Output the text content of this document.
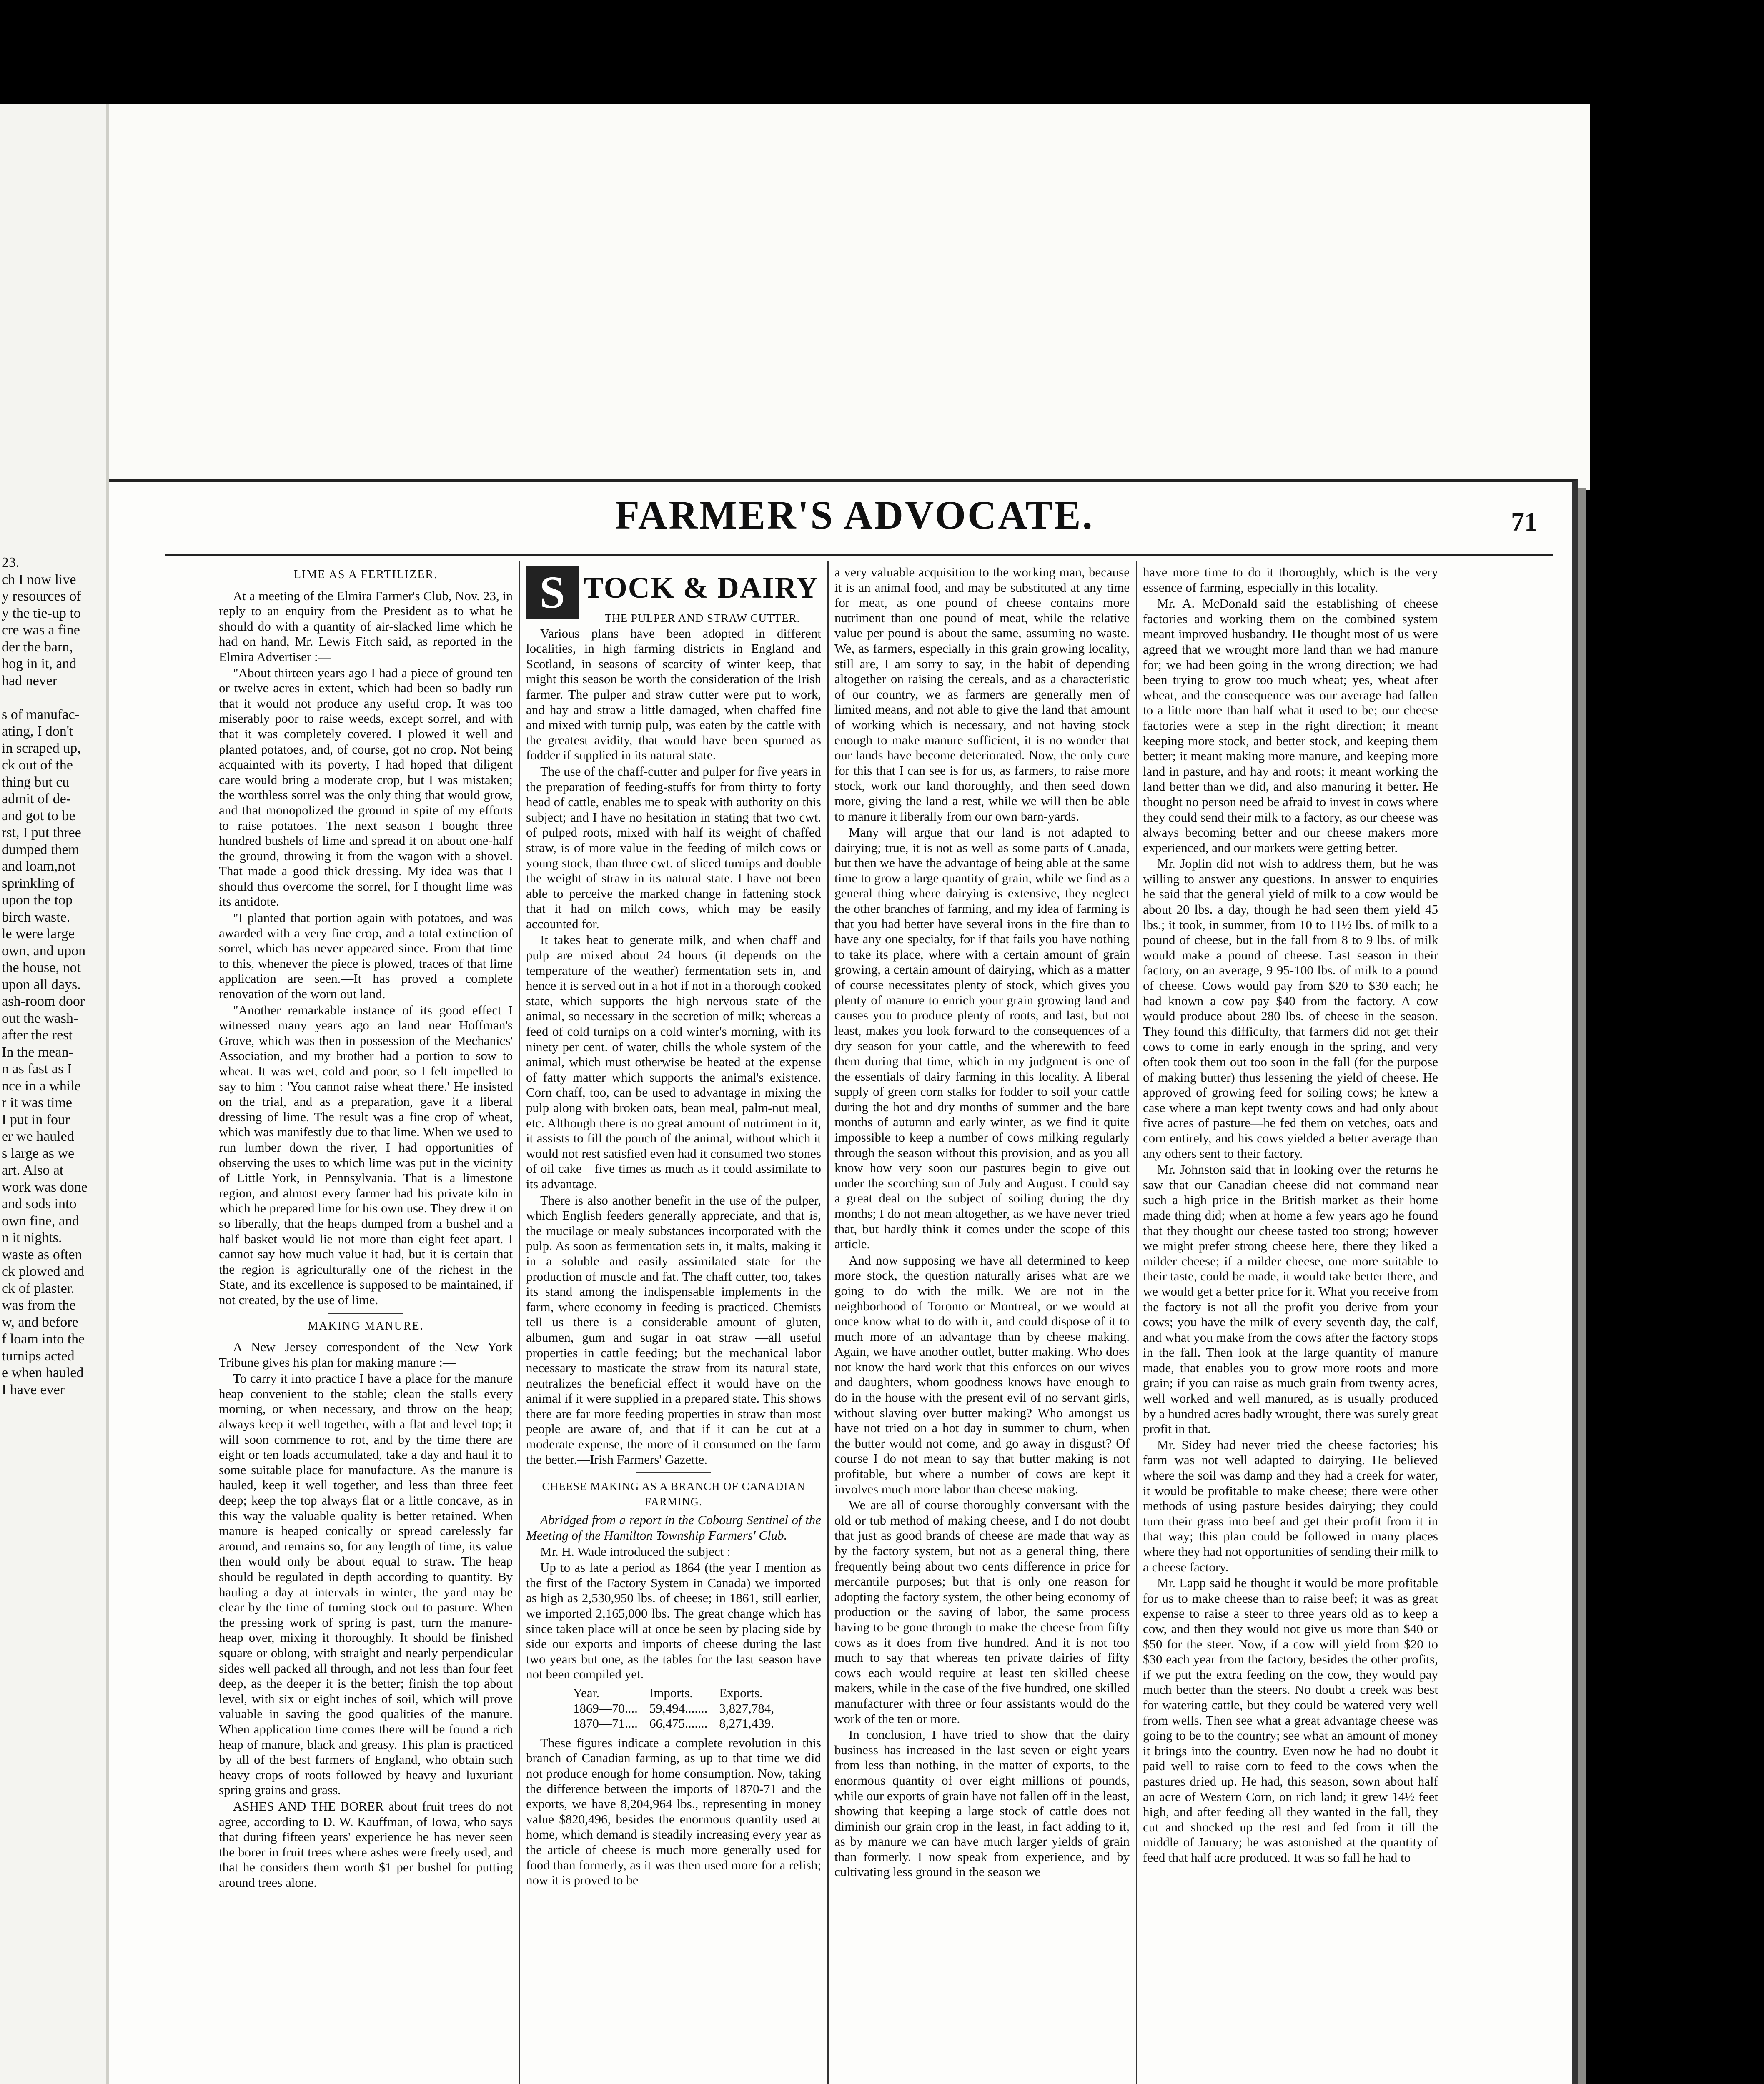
23.
ch I now live
y resources of
y the tie-up to
cre was a fine
der the barn,
hog in it, and
had never

s of manufac-
ating, I don't
in scraped up,
ck out of the
thing but cu
admit of de-
and got to be
rst, I put three
dumped them
and loam,not
sprinkling of
upon the top
birch waste.
le were large
own, and upon
the house, not
upon all days.
ash-room door
out the wash-
after the rest
In the mean-
n as fast as I
nce in a while
r it was time
I put in four
er we hauled
s large as we
art. Also at
work was done
and sods into
own fine, and
n it nights.
waste as often
ck plowed and
ck of plaster.
was from the
w, and before
f loam into the
turnips acted
e when hauled
I have ever
FARMER'S ADVOCATE.	71
LIME AS A FERTILIZER.

At a meeting of the Elmira Farmer's Club, Nov. 23, in reply to an enquiry from the President as to what he should do with a quantity of air-slacked lime which he had on hand, Mr. Lewis Fitch said, as reported in the Elmira Advertiser :—

"About thirteen years ago I had a piece of ground ten or twelve acres in extent, which had been so badly run that it would not produce any useful crop. It was too miserably poor to raise weeds, except sorrel, and with that it was completely covered. I plowed it well and planted potatoes, and, of course, got no crop. Not being acquainted with its poverty, I had hoped that diligent care would bring a moderate crop, but I was mistaken; the worthless sorrel was the only thing that would grow, and that monopolized the ground in spite of my efforts to raise potatoes. The next season I bought three hundred bushels of lime and spread it on about one-half the ground, throwing it from the wagon with a shovel. That made a good thick dressing. My idea was that I should thus overcome the sorrel, for I thought lime was its antidote.

"I planted that portion again with potatoes, and was awarded with a very fine crop, and a total extinction of sorrel, which has never appeared since. From that time to this, whenever the piece is plowed, traces of that lime application are seen.—It has proved a complete renovation of the worn out land.

"Another remarkable instance of its good effect I witnessed many years ago an land near Hoffman's Grove, which was then in possession of the Mechanics' Association, and my brother had a portion to sow to wheat. It was wet, cold and poor, so I felt impelled to say to him : 'You cannot raise wheat there.' He insisted on the trial, and as a preparation, gave it a liberal dressing of lime. The result was a fine crop of wheat, which was manifestly due to that lime. When we used to run lumber down the river, I had opportunities of observing the uses to which lime was put in the vicinity of Little York, in Pennsylvania. That is a limestone region, and almost every farmer had his private kiln in which he prepared lime for his own use. They drew it on so liberally, that the heaps dumped from a bushel and a half basket would lie not more than eight feet apart. I cannot say how much value it had, but it is certain that the region is agriculturally one of the richest in the State, and its excellence is supposed to be maintained, if not created, by the use of lime.

MAKING MANURE.

A New Jersey correspondent of the New York Tribune gives his plan for making manure :—

To carry it into practice I have a place for the manure heap convenient to the stable; clean the stalls every morning, or when necessary, and throw on the heap; always keep it well together, with a flat and level top; it will soon commence to rot, and by the time there are eight or ten loads accumulated, take a day and haul it to some suitable place for manufacture. As the manure is hauled, keep it well together, and less than three feet deep; keep the top always flat or a little concave, as in this way the valuable quality is better retained. When manure is heaped conically or spread carelessly far around, and remains so, for any length of time, its value then would only be about equal to straw. The heap should be regulated in depth according to quantity. By hauling a day at intervals in winter, the yard may be clear by the time of turning stock out to pasture. When the pressing work of spring is past, turn the manure-heap over, mixing it thoroughly. It should be finished square or oblong, with straight and nearly perpendicular sides well packed all through, and not less than four feet deep, as the deeper it is the better; finish the top about level, with six or eight inches of soil, which will prove valuable in saving the good qualities of the manure. When application time comes there will be found a rich heap of manure, black and greasy. This plan is practiced by all of the best farmers of England, who obtain such heavy crops of roots followed by heavy and luxuriant spring grains and grass.

ASHES AND THE BORER about fruit trees do not agree, according to D. W. Kauffman, of Iowa, who says that during fifteen years' experience he has never seen the borer in fruit trees where ashes were freely used, and that he considers them worth $1 per bushel for putting around trees alone.

S TOCK & DAIRY
THE PULPER AND STRAW CUTTER.

Various plans have been adopted in different localities, in high farming districts in England and Scotland, in seasons of scarcity of winter keep, that might this season be worth the consideration of the Irish farmer. The pulper and straw cutter were put to work, and hay and straw a little damaged, when chaffed fine and mixed with turnip pulp, was eaten by the cattle with the greatest avidity, that would have been spurned as fodder if supplied in its natural state.

The use of the chaff-cutter and pulper for five years in the preparation of feeding-stuffs for from thirty to forty head of cattle, enables me to speak with authority on this subject; and I have no hesitation in stating that two cwt. of pulped roots, mixed with half its weight of chaffed straw, is of more value in the feeding of milch cows or young stock, than three cwt. of sliced turnips and double the weight of straw in its natural state. I have not been able to perceive the marked change in fattening stock that it had on milch cows, which may be easily accounted for.

It takes heat to generate milk, and when chaff and pulp are mixed about 24 hours (it depends on the temperature of the weather) fermentation sets in, and hence it is served out in a hot if not in a thorough cooked state, which supports the high nervous state of the animal, so necessary in the secretion of milk; whereas a feed of cold turnips on a cold winter's morning, with its ninety per cent. of water, chills the whole system of the animal, which must otherwise be heated at the expense of fatty matter which supports the animal's existence. Corn chaff, too, can be used to advantage in mixing the pulp along with broken oats, bean meal, palm-nut meal, etc. Although there is no great amount of nutriment in it, it assists to fill the pouch of the animal, without which it would not rest satisfied even had it consumed two stones of oil cake—five times as much as it could assimilate to its advantage.

There is also another benefit in the use of the pulper, which English feeders generally appreciate, and that is, the mucilage or mealy substances incorporated with the pulp. As soon as fermentation sets in, it malts, making it in a soluble and easily assimilated state for the production of muscle and fat. The chaff cutter, too, takes its stand among the indispensable implements in the farm, where economy in feeding is practiced. Chemists tell us there is a considerable amount of gluten, albumen, gum and sugar in oat straw —all useful properties in cattle feeding; but the mechanical labor necessary to masticate the straw from its natural state, neutralizes the beneficial effect it would have on the animal if it were supplied in a prepared state. This shows there are far more feeding properties in straw than most people are aware of, and that if it can be cut at a moderate expense, the more of it consumed on the farm the better.—Irish Farmers' Gazette.

CHEESE MAKING AS A BRANCH OF CANADIAN FARMING.

Abridged from a report in the Cobourg Sentinel of the Meeting of the Hamilton Township Farmers' Club.

Mr. H. Wade introduced the subject :

Up to as late a period as 1864 (the year I mention as the first of the Factory System in Canada) we imported as high as 2,530,950 lbs. of cheese; in 1861, still earlier, we imported 2,165,000 lbs. The great change which has since taken place will at once be seen by placing side by side our exports and imports of cheese during the last two years but one, as the tables for the last season have not been compiled yet.

Year.	Imports.	Exports.
1869—70....	59,494.......	3,827,784,
1870—71....	66,475.......	8,271,439.

These figures indicate a complete revolution in this branch of Canadian farming, as up to that time we did not produce enough for home consumption. Now, taking the difference between the imports of 1870-71 and the exports, we have 8,204,964 lbs., representing in money value $820,496, besides the enormous quantity used at home, which demand is steadily increasing every year as the article of cheese is much more generally used for food than formerly, as it was then used more for a relish; now it is proved to be

a very valuable acquisition to the working man, because it is an animal food, and may be substituted at any time for meat, as one pound of cheese contains more nutriment than one pound of meat, while the relative value per pound is about the same, assuming no waste. We, as farmers, especially in this grain growing locality, still are, I am sorry to say, in the habit of depending altogether on raising the cereals, and as a characteristic of our country, we as farmers are generally men of limited means, and not able to give the land that amount of working which is necessary, and not having stock enough to make manure sufficient, it is no wonder that our lands have become deteriorated. Now, the only cure for this that I can see is for us, as farmers, to raise more stock, work our land thoroughly, and then seed down more, giving the land a rest, while we will then be able to manure it liberally from our own barn-yards.

Many will argue that our land is not adapted to dairying; true, it is not as well as some parts of Canada, but then we have the advantage of being able at the same time to grow a large quantity of grain, while we find as a general thing where dairying is extensive, they neglect the other branches of farming, and my idea of farming is that you had better have several irons in the fire than to have any one specialty, for if that fails you have nothing to take its place, where with a certain amount of grain growing, a certain amount of dairying, which as a matter of course necessitates plenty of stock, which gives you plenty of manure to enrich your grain growing land and causes you to produce plenty of roots, and last, but not least, makes you look forward to the consequences of a dry season for your cattle, and the wherewith to feed them during that time, which in my judgment is one of the essentials of dairy farming in this locality. A liberal supply of green corn stalks for fodder to soil your cattle during the hot and dry months of summer and the bare months of autumn and early winter, as we find it quite impossible to keep a number of cows milking regularly through the season without this provision, and as you all know how very soon our pastures begin to give out under the scorching sun of July and August. I could say a great deal on the subject of soiling during the dry months; I do not mean altogether, as we have never tried that, but hardly think it comes under the scope of this article.

And now supposing we have all determined to keep more stock, the question naturally arises what are we going to do with the milk. We are not in the neighborhood of Toronto or Montreal, or we would at once know what to do with it, and could dispose of it to much more of an advantage than by cheese making. Again, we have another outlet, butter making. Who does not know the hard work that this enforces on our wives and daughters, whom goodness knows have enough to do in the house with the present evil of no servant girls, without slaving over butter making? Who amongst us have not tried on a hot day in summer to churn, when the butter would not come, and go away in disgust? Of course I do not mean to say that butter making is not profitable, but where a number of cows are kept it involves much more labor than cheese making.

We are all of course thoroughly conversant with the old or tub method of making cheese, and I do not doubt that just as good brands of cheese are made that way as by the factory system, but not as a general thing, there frequently being about two cents difference in price for mercantile purposes; but that is only one reason for adopting the factory system, the other being economy of production or the saving of labor, the same process having to be gone through to make the cheese from fifty cows as it does from five hundred. And it is not too much to say that whereas ten private dairies of fifty cows each would require at least ten skilled cheese makers, while in the case of the five hundred, one skilled manufacturer with three or four assistants would do the work of the ten or more.

In conclusion, I have tried to show that the dairy business has increased in the last seven or eight years from less than nothing, in the matter of exports, to the enormous quantity of over eight millions of pounds, while our exports of grain have not fallen off in the least, showing that keeping a large stock of cattle does not diminish our grain crop in the least, in fact adding to it, as by manure we can have much larger yields of grain than formerly. I now speak from experience, and by cultivating less ground in the season we

have more time to do it thoroughly, which is the very essence of farming, especially in this locality.

Mr. A. McDonald said the establishing of cheese factories and working them on the combined system meant improved husbandry. He thought most of us were agreed that we wrought more land than we had manure for; we had been going in the wrong direction; we had been trying to grow too much wheat; yes, wheat after wheat, and the consequence was our average had fallen to a little more than half what it used to be; our cheese factories were a step in the right direction; it meant keeping more stock, and better stock, and keeping them better; it meant making more manure, and keeping more land in pasture, and hay and roots; it meant working the land better than we did, and also manuring it better. He thought no person need be afraid to invest in cows where they could send their milk to a factory, as our cheese was always becoming better and our cheese makers more experienced, and our markets were getting better.

Mr. Joplin did not wish to address them, but he was willing to answer any questions. In answer to enquiries he said that the general yield of milk to a cow would be about 20 lbs. a day, though he had seen them yield 45 lbs.; it took, in summer, from 10 to 11½ lbs. of milk to a pound of cheese, but in the fall from 8 to 9 lbs. of milk would make a pound of cheese. Last season in their factory, on an average, 9 95-100 lbs. of milk to a pound of cheese. Cows would pay from $20 to $30 each; he had known a cow pay $40 from the factory. A cow would produce about 280 lbs. of cheese in the season. They found this difficulty, that farmers did not get their cows to come in early enough in the spring, and very often took them out too soon in the fall (for the purpose of making butter) thus lessening the yield of cheese. He approved of growing feed for soiling cows; he knew a case where a man kept twenty cows and had only about five acres of pasture—he fed them on vetches, oats and corn entirely, and his cows yielded a better average than any others sent to their factory.

Mr. Johnston said that in looking over the returns he saw that our Canadian cheese did not command near such a high price in the British market as their home made thing did; when at home a few years ago he found that they thought our cheese tasted too strong; however we might prefer strong cheese here, there they liked a milder cheese; if a milder cheese, one more suitable to their taste, could be made, it would take better there, and we would get a better price for it. What you receive from the factory is not all the profit you derive from your cows; you have the milk of every seventh day, the calf, and what you make from the cows after the factory stops in the fall. Then look at the large quantity of manure made, that enables you to grow more roots and more grain; if you can raise as much grain from twenty acres, well worked and well manured, as is usually produced by a hundred acres badly wrought, there was surely great profit in that.

Mr. Sidey had never tried the cheese factories; his farm was not well adapted to dairying. He believed where the soil was damp and they had a creek for water, it would be profitable to make cheese; there were other methods of using pasture besides dairying; they could turn their grass into beef and get their profit from it in that way; this plan could be followed in many places where they had not opportunities of sending their milk to a cheese factory.

Mr. Lapp said he thought it would be more profitable for us to make cheese than to raise beef; it was as great expense to raise a steer to three years old as to keep a cow, and then they would not give us more than $40 or $50 for the steer. Now, if a cow will yield from $20 to $30 each year from the factory, besides the other profits, if we put the extra feeding on the cow, they would pay much better than the steers. No doubt a creek was best for watering cattle, but they could be watered very well from wells. Then see what a great advantage cheese was going to be to the country; see what an amount of money it brings into the country. Even now he had no doubt it paid well to raise corn to feed to the cows when the pastures dried up. He had, this season, sown about half an acre of Western Corn, on rich land; it grew 14½ feet high, and after feeding all they wanted in the fall, they cut and shocked up the rest and fed from it till the middle of January; he was astonished at the quantity of feed that half acre produced. It was so fall he had to
